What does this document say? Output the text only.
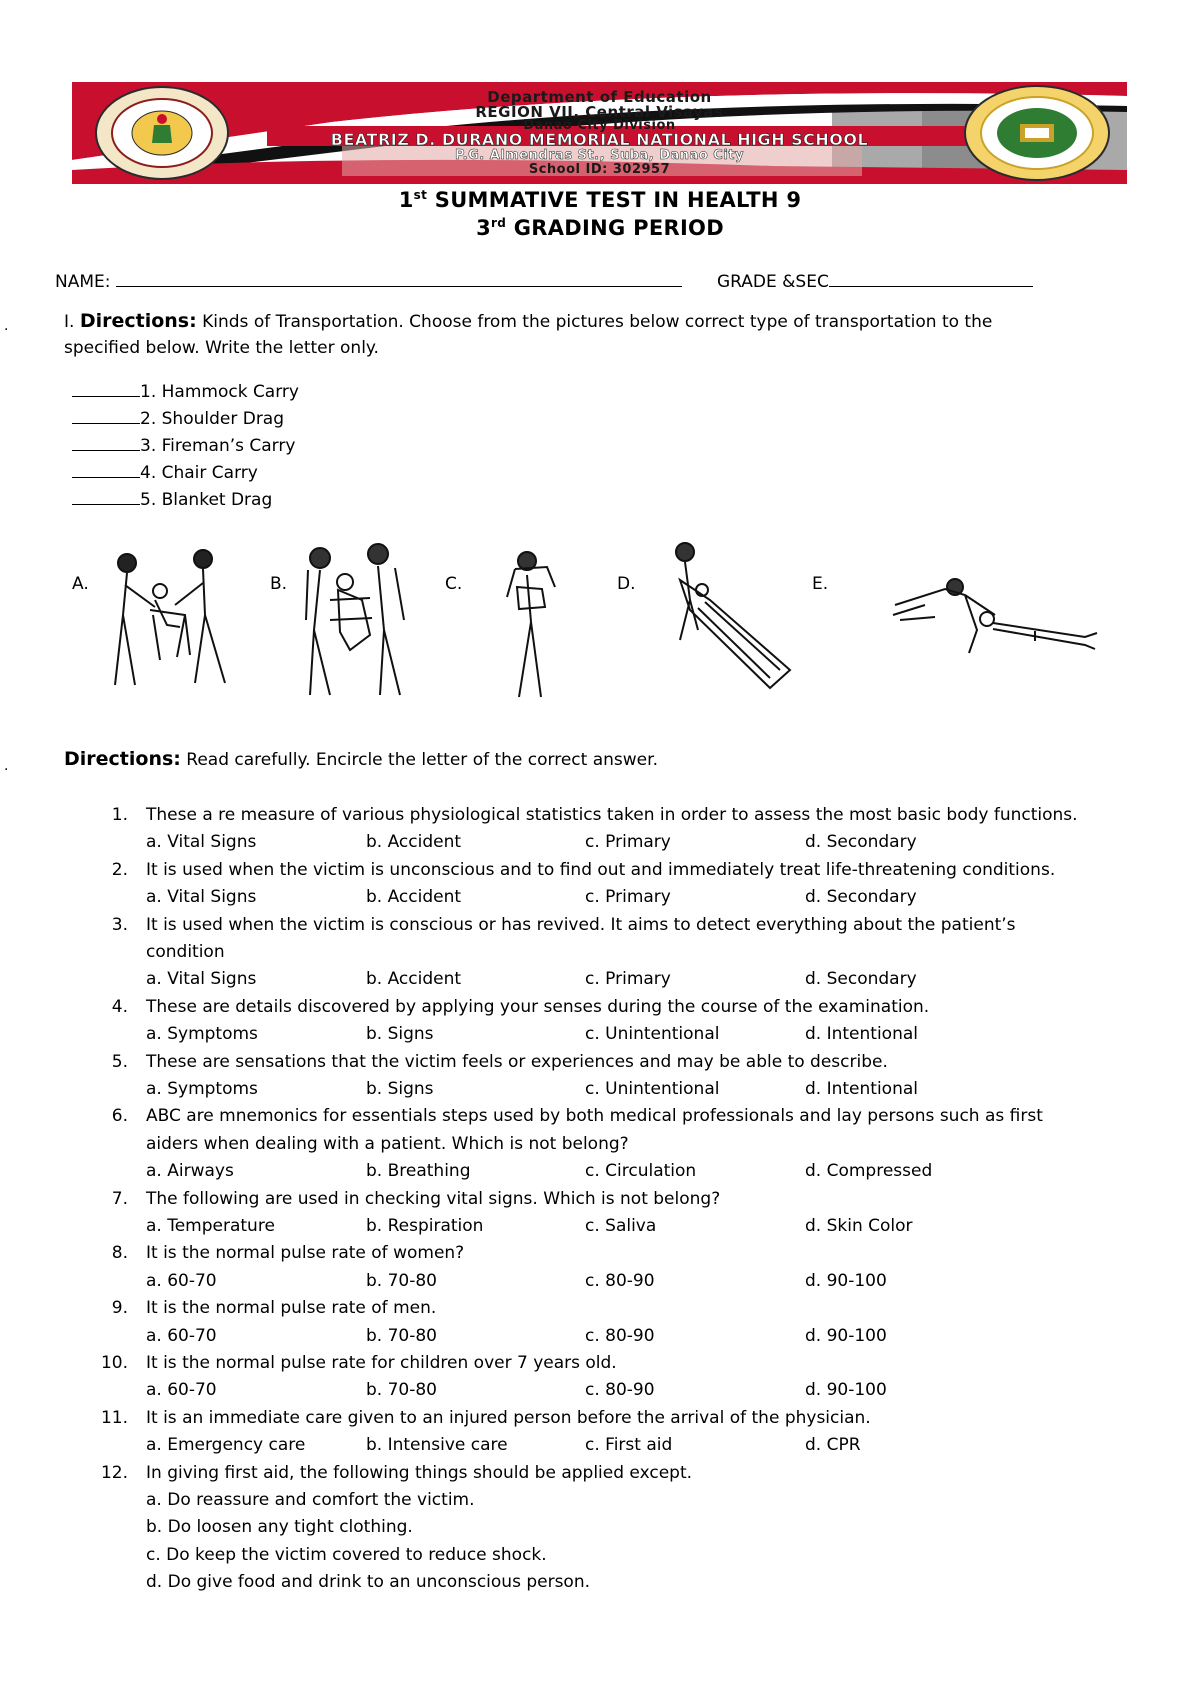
Department of Education
REGION VII, Central Visayas
Danao City Division
BEATRIZ D. DURANO MEMORIAL NATIONAL HIGH SCHOOL
P.G. Almendras St., Suba, Danao City
School ID: 302957
1st SUMMATIVE TEST IN HEALTH 9
3rd GRADING PERIOD
NAME:	GRADE &SEC
.	I. Directions: Kinds of Transportation. Choose from the pictures below correct type of transportation to the
specified below. Write the letter only.
1. Hammock Carry
2. Shoulder Drag
3. Fireman’s Carry
4. Chair Carry
5. Blanket Drag
A.	B.	C.	D.	E.
.	Directions: Read carefully. Encircle the letter of the correct answer.
1. These a re measure of various physiological statistics taken in order to assess the most basic body functions.
a. Vital Signs	b. Accident	c. Primary	d. Secondary
2. It is used when the victim is unconscious and to find out and immediately treat life-threatening conditions.
a. Vital Signs	b. Accident	c. Primary	d. Secondary
3. It is used when the victim is conscious or has revived. It aims to detect everything about the patient’s
condition
a. Vital Signs	b. Accident	c. Primary	d. Secondary
4. These are details discovered by applying your senses during the course of the examination.
a. Symptoms	b. Signs	c. Unintentional	d. Intentional
5. These are sensations that the victim feels or experiences and may be able to describe.
a. Symptoms	b. Signs	c. Unintentional	d. Intentional
6. ABC are mnemonics for essentials steps used by both medical professionals and lay persons such as first
aiders when dealing with a patient. Which is not belong?
a. Airways	b. Breathing	c. Circulation	d. Compressed
7. The following are used in checking vital signs. Which is not belong?
a. Temperature	b. Respiration	c. Saliva	d. Skin Color
8. It is the normal pulse rate of women?
a. 60-70	b. 70-80	c. 80-90	d. 90-100
9. It is the normal pulse rate of men.
a. 60-70	b. 70-80	c. 80-90	d. 90-100
10. It is the normal pulse rate for children over 7 years old.
a. 60-70	b. 70-80	c. 80-90	d. 90-100
11. It is an immediate care given to an injured person before the arrival of the physician.
a. Emergency care	b. Intensive care	c. First aid	d. CPR
12. In giving first aid, the following things should be applied except.
a. Do reassure and comfort the victim.
b. Do loosen any tight clothing.
c. Do keep the victim covered to reduce shock.
d. Do give food and drink to an unconscious person.
